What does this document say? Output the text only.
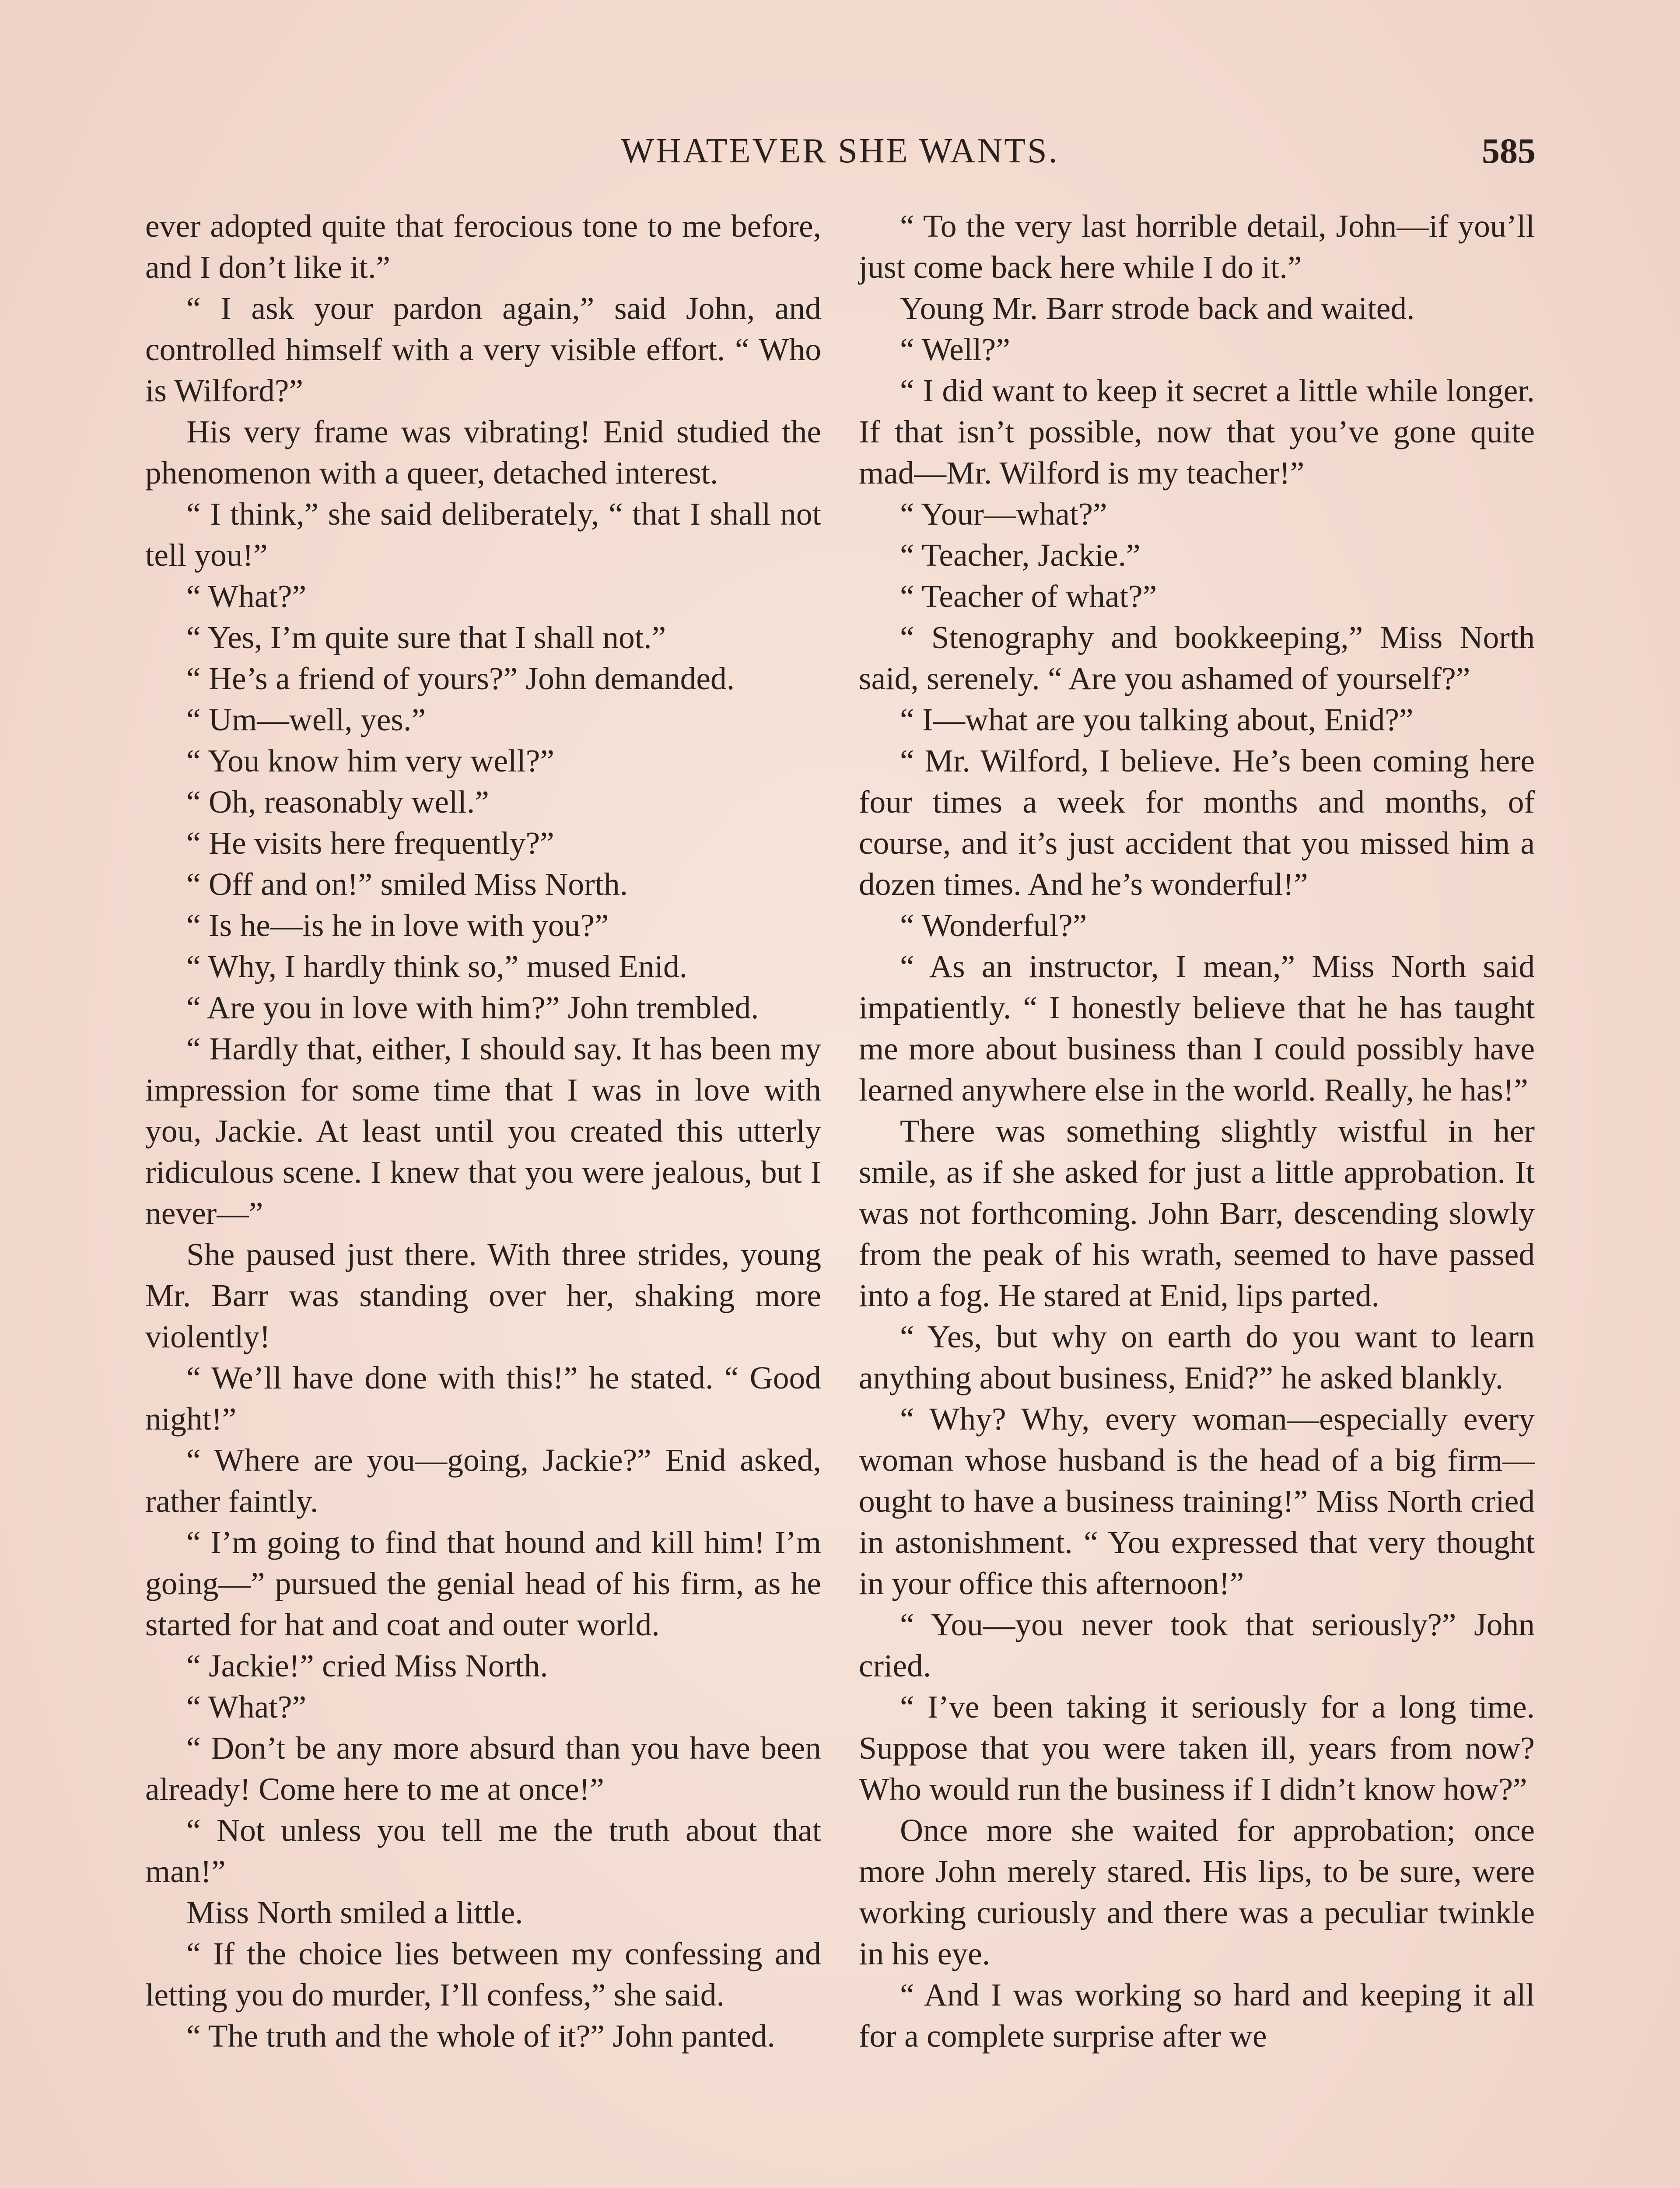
WHATEVER SHE WANTS.	585

ever adopted quite that ferocious tone to me before, and I don’t like it.”

“ I ask your pardon again,” said John, and controlled himself with a very visible effort. “ Who is Wilford?”

His very frame was vibrating! Enid studied the phenomenon with a queer, detached interest.

“ I think,” she said deliberately, “ that I shall not tell you!”

“ What?”

“ Yes, I’m quite sure that I shall not.”

“ He’s a friend of yours?” John demanded.

“ Um—well, yes.”

“ You know him very well?”

“ Oh, reasonably well.”

“ He visits here frequently?”

“ Off and on!” smiled Miss North.

“ Is he—is he in love with you?”

“ Why, I hardly think so,” mused Enid.

“ Are you in love with him?” John trembled.

“ Hardly that, either, I should say. It has been my impression for some time that I was in love with you, Jackie. At least until you created this utterly ridiculous scene. I knew that you were jealous, but I never—”

She paused just there. With three strides, young Mr. Barr was standing over her, shaking more violently!

“ We’ll have done with this!” he stated. “ Good night!”

“ Where are you—going, Jackie?” Enid asked, rather faintly.

“ I’m going to find that hound and kill him! I’m going—” pursued the genial head of his firm, as he started for hat and coat and outer world.

“ Jackie!” cried Miss North.

“ What?”

“ Don’t be any more absurd than you have been already! Come here to me at once!”

“ Not unless you tell me the truth about that man!”

Miss North smiled a little.

“ If the choice lies between my confessing and letting you do murder, I’ll confess,” she said.

“ The truth and the whole of it?” John panted.

“ To the very last horrible detail, John—if you’ll just come back here while I do it.”

Young Mr. Barr strode back and waited.

“ Well?”

“ I did want to keep it secret a little while longer. If that isn’t possible, now that you’ve gone quite mad—Mr. Wilford is my teacher!”

“ Your—what?”

“ Teacher, Jackie.”

“ Teacher of what?”

“ Stenography and bookkeeping,” Miss North said, serenely. “ Are you ashamed of yourself?”

“ I—what are you talking about, Enid?”

“ Mr. Wilford, I believe. He’s been coming here four times a week for months and months, of course, and it’s just accident that you missed him a dozen times. And he’s wonderful!”

“ Wonderful?”

“ As an instructor, I mean,” Miss North said impatiently. “ I honestly believe that he has taught me more about business than I could possibly have learned anywhere else in the world. Really, he has!”

There was something slightly wistful in her smile, as if she asked for just a little approbation. It was not forthcoming. John Barr, descending slowly from the peak of his wrath, seemed to have passed into a fog. He stared at Enid, lips parted.

“ Yes, but why on earth do you want to learn anything about business, Enid?” he asked blankly.

“ Why? Why, every woman—especially every woman whose husband is the head of a big firm—ought to have a business training!” Miss North cried in astonishment. “ You expressed that very thought in your office this afternoon!”

“ You—you never took that seriously?” John cried.

“ I’ve been taking it seriously for a long time. Suppose that you were taken ill, years from now? Who would run the business if I didn’t know how?”

Once more she waited for approbation; once more John merely stared. His lips, to be sure, were working curiously and there was a peculiar twinkle in his eye.

“ And I was working so hard and keeping it all for a complete surprise after we
